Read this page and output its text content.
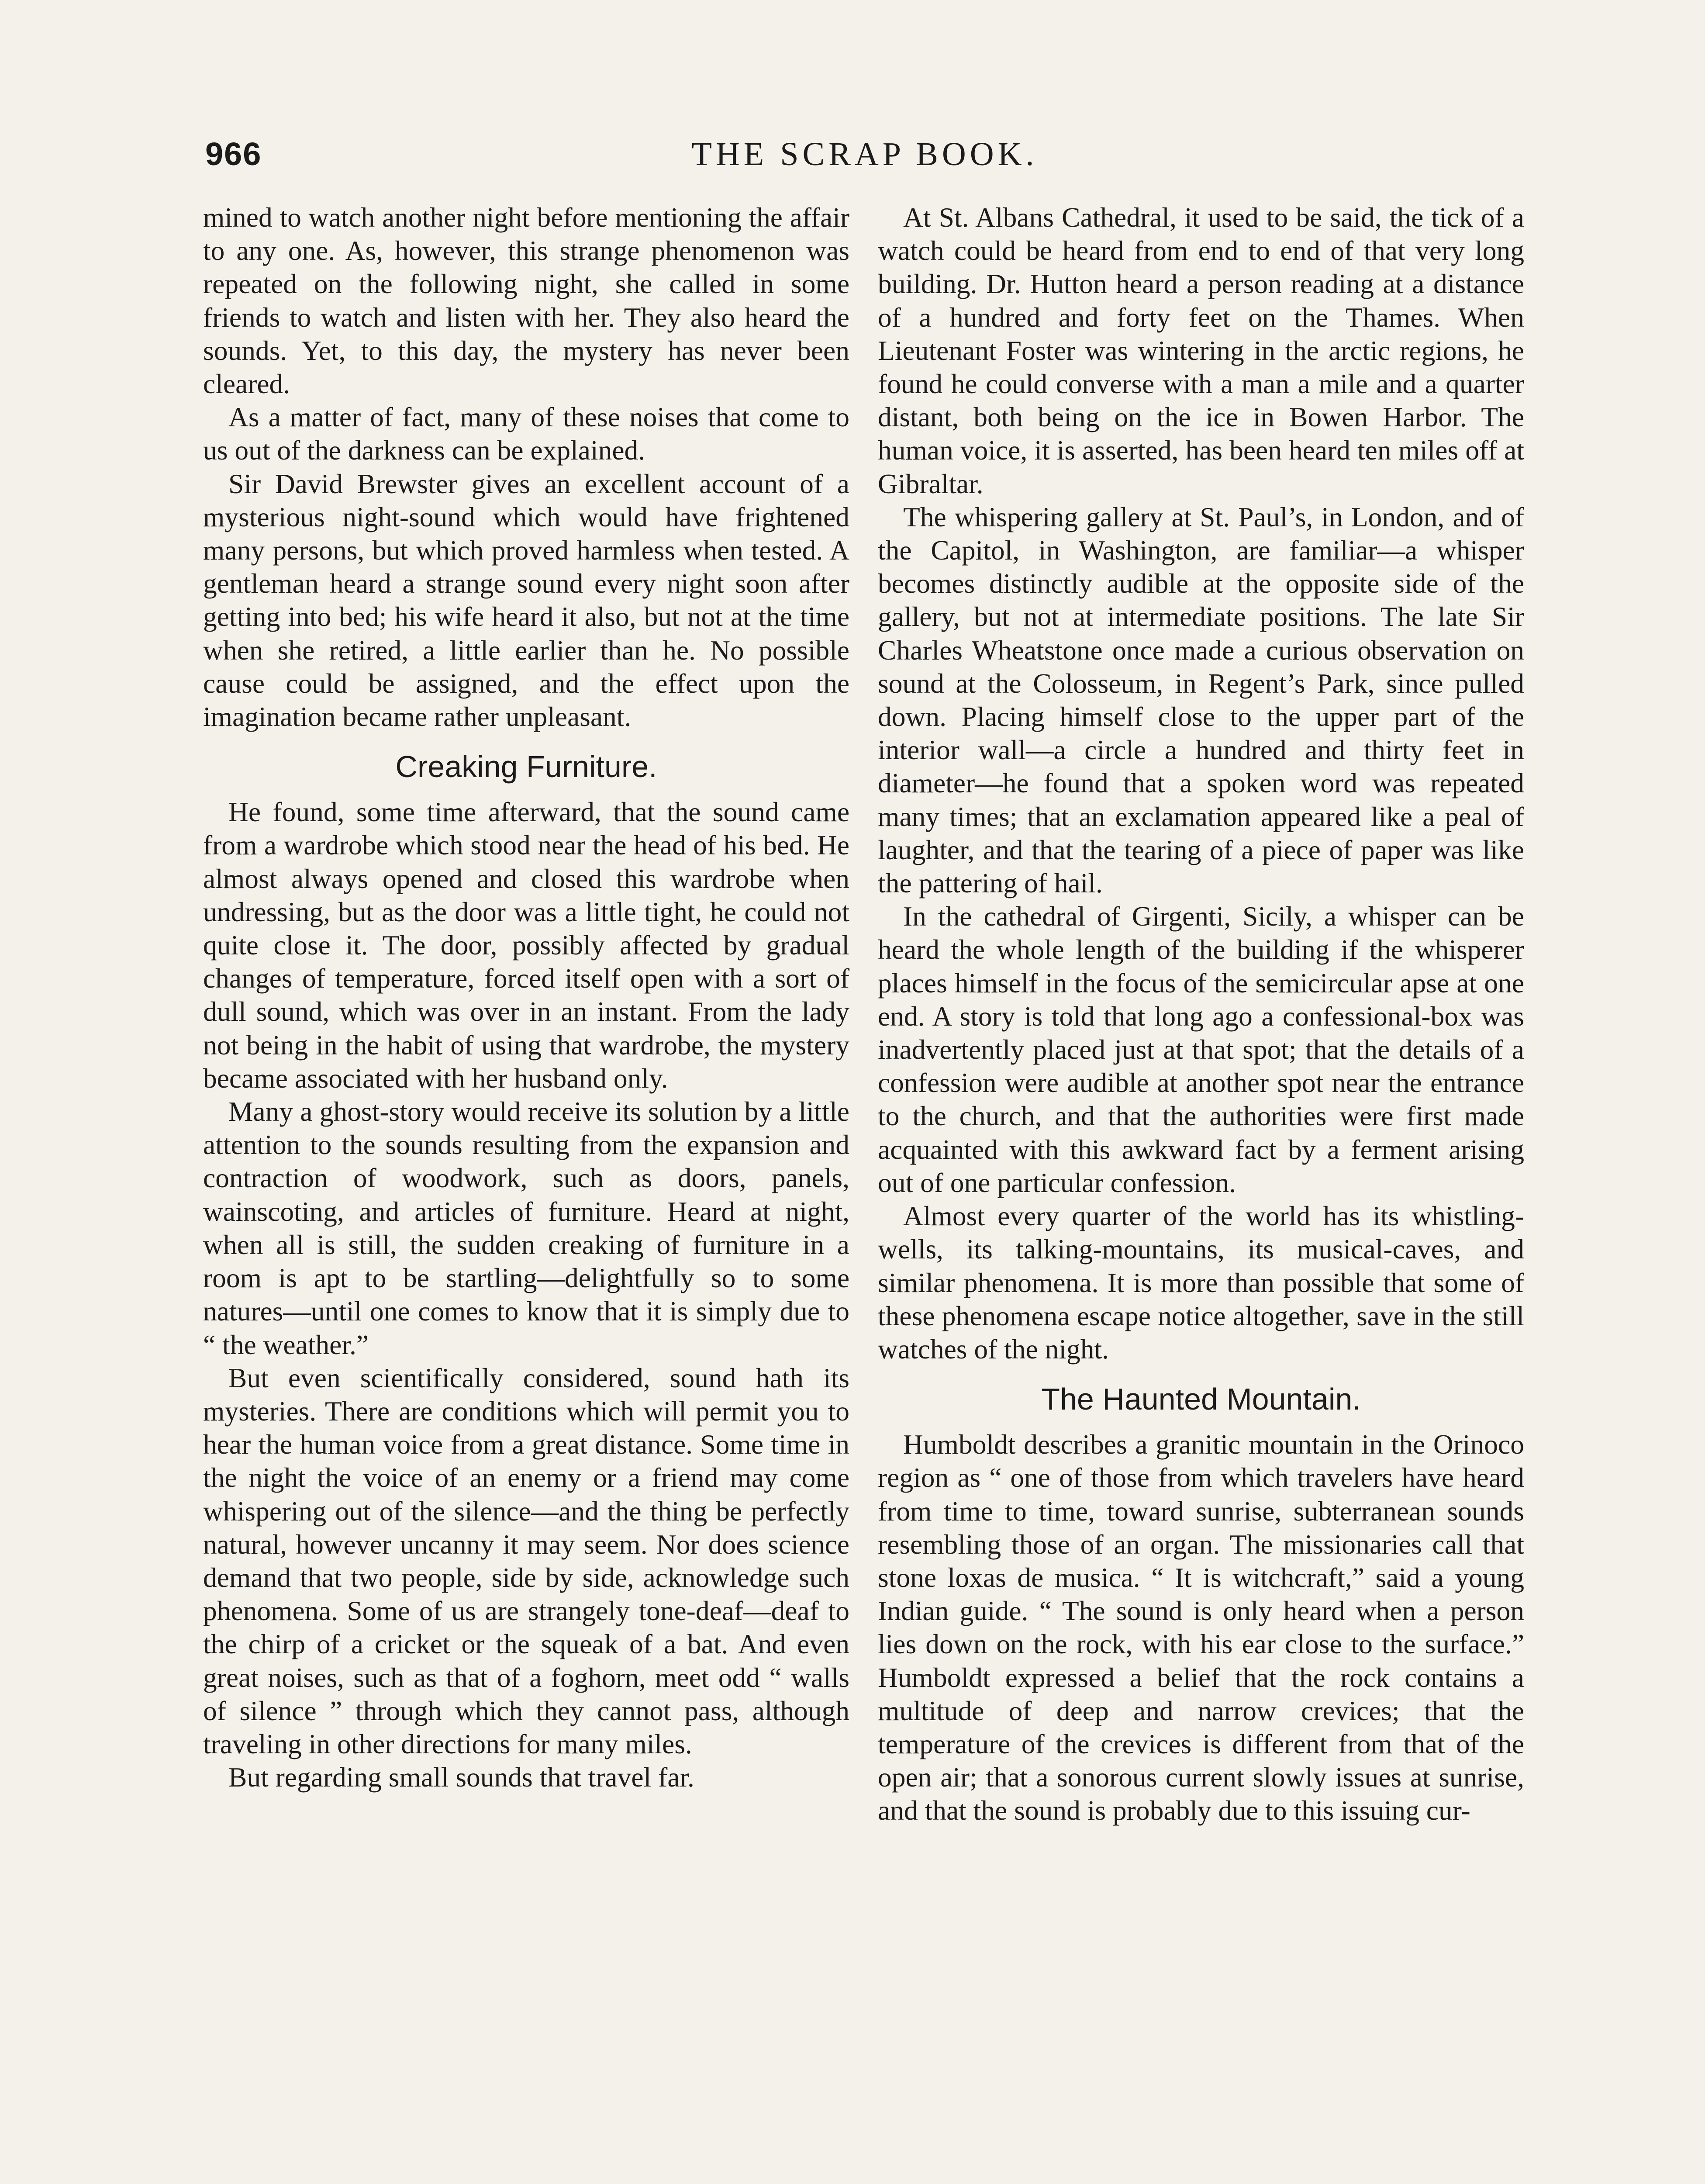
966	THE SCRAP BOOK.

mined to watch another night before mentioning the affair to any one. As, however, this strange phenomenon was repeated on the following night, she called in some friends to watch and listen with her. They also heard the sounds. Yet, to this day, the mystery has never been cleared.

As a matter of fact, many of these noises that come to us out of the darkness can be explained.

Sir David Brewster gives an excellent account of a mysterious night-sound which would have frightened many persons, but which proved harmless when tested. A gentleman heard a strange sound every night soon after getting into bed; his wife heard it also, but not at the time when she retired, a little earlier than he. No possible cause could be assigned, and the effect upon the imagination became rather unpleasant.

Creaking Furniture.

He found, some time afterward, that the sound came from a wardrobe which stood near the head of his bed. He almost always opened and closed this wardrobe when undressing, but as the door was a little tight, he could not quite close it. The door, possibly affected by gradual changes of temperature, forced itself open with a sort of dull sound, which was over in an instant. From the lady not being in the habit of using that wardrobe, the mystery became associated with her husband only.

Many a ghost-story would receive its solution by a little attention to the sounds resulting from the expansion and contraction of woodwork, such as doors, panels, wainscoting, and articles of furniture. Heard at night, when all is still, the sudden creaking of furniture in a room is apt to be startling—delightfully so to some natures—until one comes to know that it is simply due to “ the weather.”

But even scientifically considered, sound hath its mysteries. There are conditions which will permit you to hear the human voice from a great distance. Some time in the night the voice of an enemy or a friend may come whispering out of the silence—and the thing be perfectly natural, however uncanny it may seem. Nor does science demand that two people, side by side, acknowledge such phenomena. Some of us are strangely tone-deaf—deaf to the chirp of a cricket or the squeak of a bat. And even great noises, such as that of a foghorn, meet odd “ walls of silence ” through which they cannot pass, although traveling in other directions for many miles.

But regarding small sounds that travel far.

At St. Albans Cathedral, it used to be said, the tick of a watch could be heard from end to end of that very long building. Dr. Hutton heard a person reading at a distance of a hundred and forty feet on the Thames. When Lieutenant Foster was wintering in the arctic regions, he found he could converse with a man a mile and a quarter distant, both being on the ice in Bowen Harbor. The human voice, it is asserted, has been heard ten miles off at Gibraltar.

The whispering gallery at St. Paul’s, in London, and of the Capitol, in Washington, are familiar—a whisper becomes distinctly audible at the opposite side of the gallery, but not at intermediate positions. The late Sir Charles Wheatstone once made a curious observation on sound at the Colosseum, in Regent’s Park, since pulled down. Placing himself close to the upper part of the interior wall—a circle a hundred and thirty feet in diameter—he found that a spoken word was repeated many times; that an exclamation appeared like a peal of laughter, and that the tearing of a piece of paper was like the pattering of hail.

In the cathedral of Girgenti, Sicily, a whisper can be heard the whole length of the building if the whisperer places himself in the focus of the semicircular apse at one end. A story is told that long ago a confessional-box was inadvertently placed just at that spot; that the details of a confession were audible at another spot near the entrance to the church, and that the authorities were first made acquainted with this awkward fact by a ferment arising out of one particular confession.

Almost every quarter of the world has its whistling-wells, its talking-mountains, its musical-caves, and similar phenomena. It is more than possible that some of these phenomena escape notice altogether, save in the still watches of the night.

The Haunted Mountain.

Humboldt describes a granitic mountain in the Orinoco region as “ one of those from which travelers have heard from time to time, toward sunrise, subterranean sounds resembling those of an organ. The missionaries call that stone loxas de musica. “ It is witchcraft,” said a young Indian guide. “ The sound is only heard when a person lies down on the rock, with his ear close to the surface.” Humboldt expressed a belief that the rock contains a multitude of deep and narrow crevices; that the temperature of the crevices is different from that of the open air; that a sonorous current slowly issues at sunrise, and that the sound is probably due to this issuing cur-
